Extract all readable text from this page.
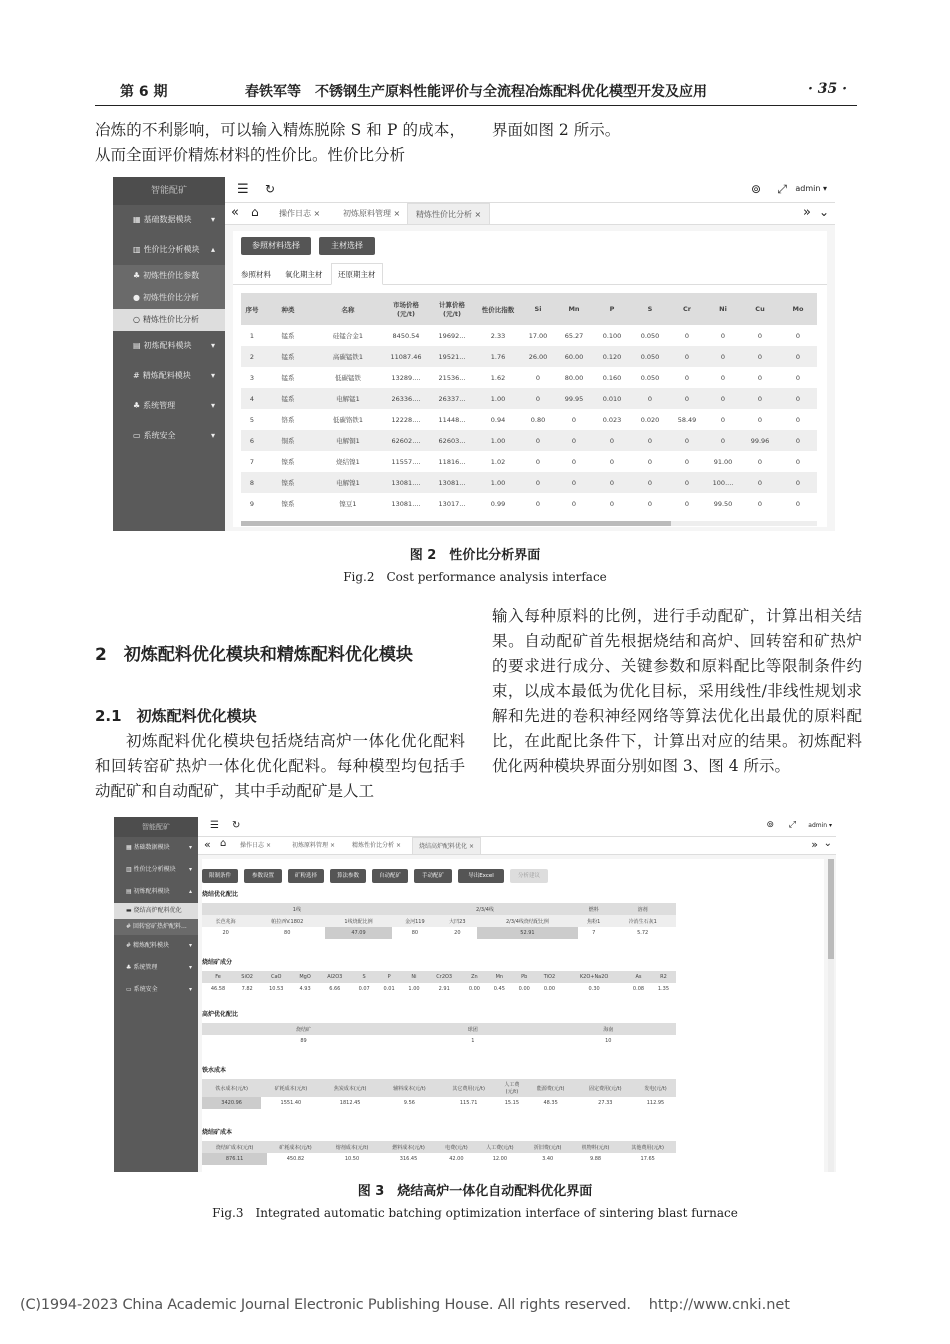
第 6 期	春铁军等　不锈钢生产原料性能评价与全流程冶炼配料优化模型开发及应用	· 35 ·
冶炼的不利影响，可以输入精炼脱除 S 和 P 的成本，从而全面评价精炼材料的性价比。性价比分析
界面如图 2 所示。
智能配矿
▦ 基础数据模块 ▾
▥ 性价比分析模块 ▴
♣ 初炼性价比参数
● 初炼性价比分析
○ 精炼性价比分析
▤ 初炼配料模块 ▾
# 精炼配料模块	▾
♣ 系统管理	▾
▭ 系统安全	▾
☰ ↻	⊚ ⤢ admin ▾
« ⌂	操作日志 ×	初炼原料管理 ×	精炼性价比分析 ×	» ⌄
参照材料选择	主材选择
参照材料 氧化期主材	还原期主材
序号	种类	名称	市场价格
(元/t)	计算价格
(元/t)	性价比指数	Si	Mn	P	S	Cr	Ni	Cu	Mo
1	锰系	硅锰合金1	8450.54	19692...	2.33	17.00	65.27	0.100	0.050	0	0	0	0
2	锰系	高碳锰铁1	11087.46	19521...	1.76	26.00	60.00	0.120	0.050	0	0	0	0
3	锰系	低碳锰铁	13289....	21536...	1.62	0	80.00	0.160	0.050	0	0	0	0
4	锰系	电解锰1	26336....	26337...	1.00	0	99.95	0.010	0	0	0	0	0
5	铬系	低碳铬铁1	12228....	11448...	0.94	0.80	0	0.023	0.020	58.49	0	0	0
6	铜系	电解铜1	62602....	62603...	1.00	0	0	0	0	0	0	99.96	0
7	镍系	烧结镍1	11557....	11816...	1.02	0	0	0	0	0	91.00	0	0
8	镍系	电解镍1	13081....	13081...	1.00	0	0	0	0	0	100....	0	0
9	镍系	镍豆1	13081....	13017...	0.99	0	0	0	0	0	99.50	0	0
图 2　性价比分析界面
Fig.2　Cost performance analysis interface
2　初炼配料优化模块和精炼配料优化模块
2.1　初炼配料优化模块
初炼配料优化模块包括烧结高炉一体化优化配料和回转窑矿热炉一体化优化配料。每种模型均包括手动配矿和自动配矿，其中手动配矿是人工
输入每种原料的比例，进行手动配矿，计算出相关结果。自动配矿首先根据烧结和高炉、回转窑和矿热炉的要求进行成分、关键参数和原料配比等限制条件约束，以成本最低为优化目标，采用线性/非线性规划求解和先进的卷积神经网络等算法优化出最优的原料配比，在此配比条件下，计算出对应的结果。初炼配料优化两种模块界面分别如图 3、图 4 所示。
智能配矿
▦ 基础数据模块	▾
▥ 性价比分析模块 ▾
▤ 初炼配料模块	▴
▬ 烧结高炉配料优化
# 回转窑矿热炉配料...
# 精炼配料模块	▾
♣ 系统管理	▾
▭ 系统安全	▾
☰ ↻	⊚ ⤢ admin ▾
« ⌂	操作日志 ×	初炼原料管理 ×	精炼性价比分析 ×	烧结高炉配料优化 ×	» ⌄
限制条件	参数设置	矿粉选择	算法参数	自动配矿	手动配矿	导出Excel	分析建议
烧结优化配比
1线			2/3/4线			燃料	溶剂
长芭兆海	帕拉西V.1802	1线烧配比例	金河119	大凹23	2/3/4线烧结配比例	焦粉1	冷消生石灰1
20	80	47.09	80	20	52.91	7	5.72
烧结矿成分
Fe	SiO2	CaO	MgO	Al2O3	S	P	Ni	Cr2O3	Zn	Mn	Pb	TiO2	K2O+Na2O	As	R2
46.58	7.82	10.53	4.93	6.66	0.07	0.01	1.00	2.91	0.00	0.45	0.00	0.00	0.30	0.08	1.35
高炉优化配比
烧结矿	球团	海南
89	1	10
铁水成本
铁水成本(元/t)	矿耗成本(元/t)	焦炭成本(元/t)	辅料成本(元/t)	其它费用(元/t)	人工费
(元/t)	能源费(元/t)	固定费用(元/t)	发电(元/t)
3420.96	1551.40	1812.45	9.56	115.71	15.15	48.35	27.33	112.95
烧结矿成本
烧结矿成本(元/t)	矿耗成本(元/t)	熔剂成本(元/t)	燃料成本(元/t)	电费(元/t)	人工费(元/t)	折旧费(元/t)	机物料(元/t)	其他费用(元/t)
876.11	450.82	10.50	316.45	42.00	12.00	3.40	9.88	17.65
图 3　烧结高炉一体化自动配料优化界面
Fig.3　Integrated automatic batching optimization interface of sintering blast furnace
(C)1994-2023 China Academic Journal Electronic Publishing House. All rights reserved. http://www.cnki.net
